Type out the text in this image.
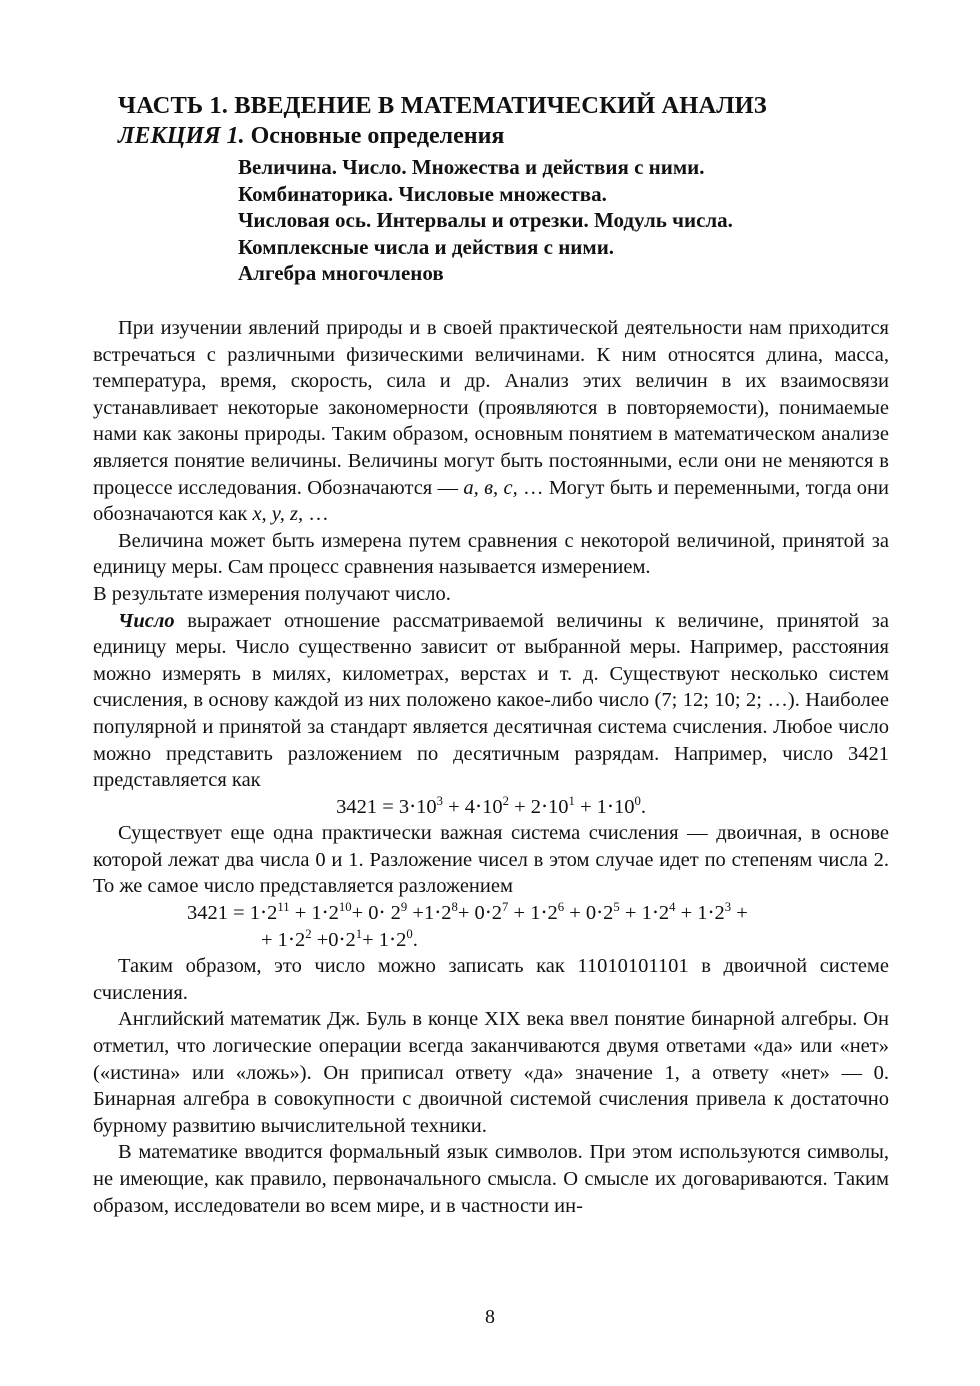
ЧАСТЬ 1. ВВЕДЕНИЕ В МАТЕМАТИЧЕСКИЙ АНАЛИЗ
ЛЕКЦИЯ 1. Основные определения
Величина. Число. Множества и действия с ними.
Комбинаторика. Числовые множества.
Числовая ось. Интервалы и отрезки. Модуль числа.
Комплексные числа и действия с ними.
Алгебра многочленов

При изучении явлений природы и в своей практической деятельности нам приходится встречаться с различными физическими величинами. К ним относятся длина, масса, температура, время, скорость, сила и др. Анализ этих величин в их взаимосвязи устанавливает некоторые закономерности (проявляются в повторяемости), понимаемые нами как законы природы. Таким образом, основным понятием в математическом анализе является понятие величины. Величины могут быть постоянными, если они не меняются в процессе исследования. Обозначаются — а, в, с, … Могут быть и переменными, тогда они обозначаются как x, y, z, …

Величина может быть измерена путем сравнения с некоторой величиной, принятой за единицу меры. Сам процесс сравнения называется измерением.

В результате измерения получают число.

Число выражает отношение рассматриваемой величины к величине, принятой за единицу меры. Число существенно зависит от выбранной меры. Например, расстояния можно измерять в милях, километрах, верстах и т. д. Существуют несколько систем счисления, в основу каждой из них положено какое-либо число (7; 12; 10; 2; …). Наиболее популярной и принятой за стандарт является десятичная система счисления. Любое число можно представить разложением по десятичным разрядам. Например, число 3421 представляется как

$3421 = 3\cdot 10^3 + 4\cdot 10^2 + 2\cdot 10^1 + 1\cdot 10^0$.

Существует еще одна практически важная система счисления — двоичная, в основе которой лежат два числа 0 и 1. Разложение чисел в этом случае идет по степеням числа 2. То же самое число представляется разложением

$3421 = 1\cdot 2^{11} + 1\cdot 2^{10}+ 0\cdot 2^9 +1\cdot 2^8+ 0\cdot 2^7 + 1\cdot 2^6 + 0\cdot 2^5 + 1\cdot 2^4 + 1\cdot 2^3$ +

+ $1\cdot 2^2 +0\cdot 2^1+ 1\cdot 2^0$.

Таким образом, это число можно записать как 11010101101 в двоичной системе счисления.

Английский математик Дж. Буль в конце XIX века ввел понятие бинарной алгебры. Он отметил, что логические операции всегда заканчиваются двумя ответами «да» или «нет» («истина» или «ложь»). Он приписал ответу «да» значение 1, а ответу «нет» — 0. Бинарная алгебра в совокупности с двоичной системой счисления привела к достаточно бурному развитию вычислительной техники.

В математике вводится формальный язык символов. При этом используются символы, не имеющие, как правило, первоначального смысла. О смысле их договариваются. Таким образом, исследователи во всем мире, и в частности ин-

8
